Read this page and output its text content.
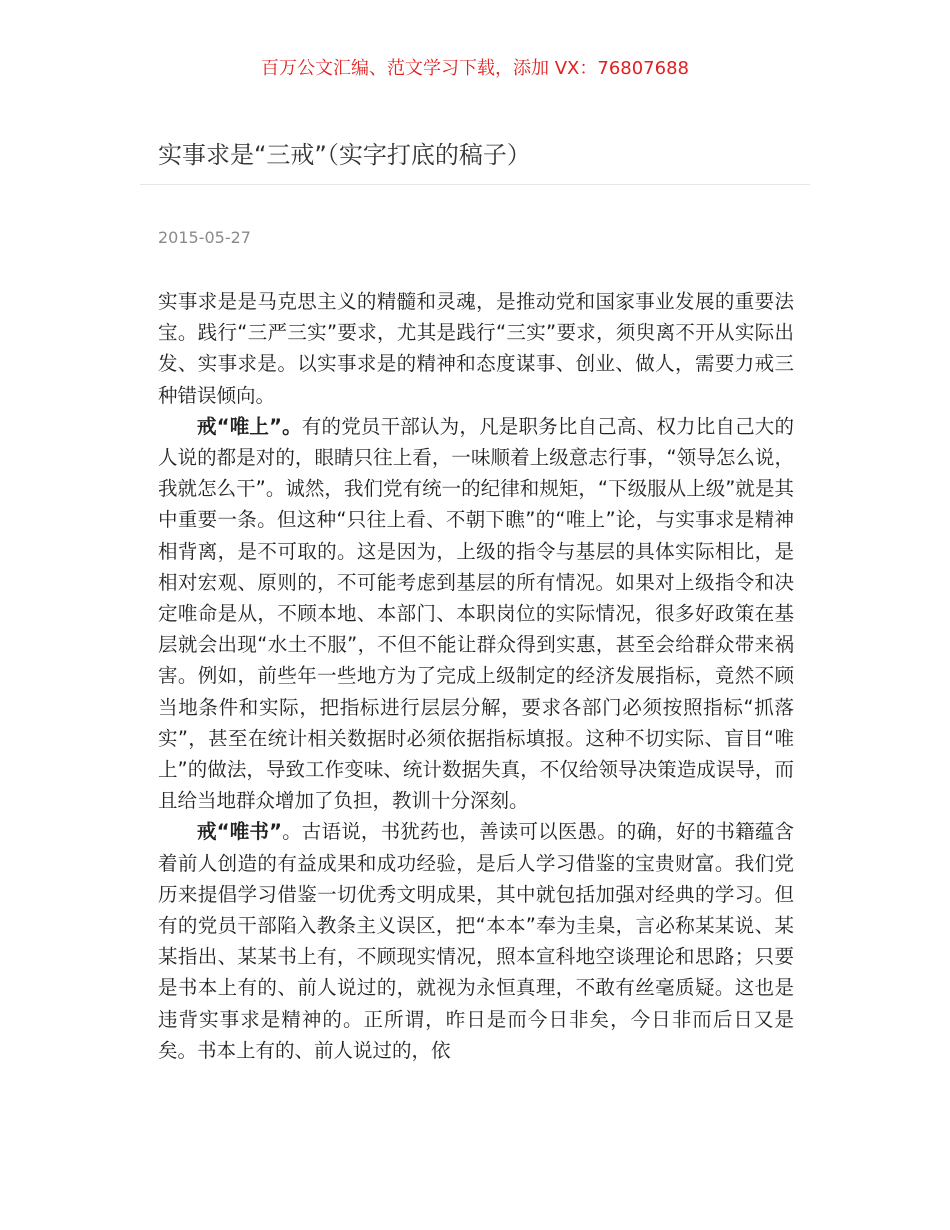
百万公文汇编、范文学习下载，添加 VX：76807688
实事求是“三戒”（实字打底的稿子）
2015-05-27

实事求是是马克思主义的精髓和灵魂，是推动党和国家事业发展的重要法宝。践行“三严三实”要求，尤其是践行“三实”要求，须臾离不开从实际出发、实事求是。以实事求是的精神和态度谋事、创业、做人，需要力戒三种错误倾向。

戒“唯上”。有的党员干部认为，凡是职务比自己高、权力比自己大的人说的都是对的，眼睛只往上看，一味顺着上级意志行事，“领导怎么说，我就怎么干”。诚然，我们党有统一的纪律和规矩，“下级服从上级”就是其中重要一条。但这种“只往上看、不朝下瞧”的“唯上”论，与实事求是精神相背离，是不可取的。这是因为，上级的指令与基层的具体实际相比，是相对宏观、原则的，不可能考虑到基层的所有情况。如果对上级指令和决定唯命是从，不顾本地、本部门、本职岗位的实际情况，很多好政策在基层就会出现“水土不服”，不但不能让群众得到实惠，甚至会给群众带来祸害。例如，前些年一些地方为了完成上级制定的经济发展指标，竟然不顾当地条件和实际，把指标进行层层分解，要求各部门必须按照指标“抓落实”，甚至在统计相关数据时必须依据指标填报。这种不切实际、盲目“唯上”的做法，导致工作变味、统计数据失真，不仅给领导决策造成误导，而且给当地群众增加了负担，教训十分深刻。

戒“唯书”。古语说，书犹药也，善读可以医愚。的确，好的书籍蕴含着前人创造的有益成果和成功经验，是后人学习借鉴的宝贵财富。我们党历来提倡学习借鉴一切优秀文明成果，其中就包括加强对经典的学习。但有的党员干部陷入教条主义误区，把“本本”奉为圭臬，言必称某某说、某某指出、某某书上有，不顾现实情况，照本宣科地空谈理论和思路；只要是书本上有的、前人说过的，就视为永恒真理，不敢有丝毫质疑。这也是违背实事求是精神的。正所谓，昨日是而今日非矣，今日非而后日又是矣。书本上有的、前人说过的，依
